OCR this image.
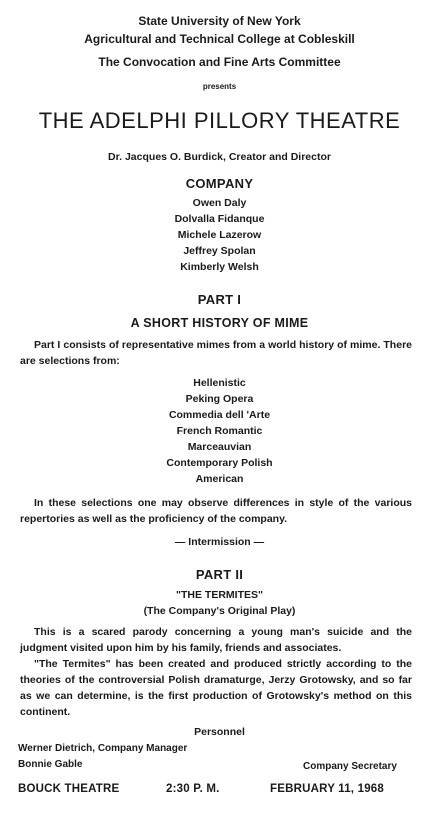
State University of New York
Agricultural and Technical College at Cobleskill
The Convocation and Fine Arts Committee
presents
THE ADELPHI PILLORY THEATRE
Dr. Jacques O. Burdick, Creator and Director
COMPANY
Owen Daly
Dolvalla Fidanque
Michele Lazerow
Jeffrey Spolan
Kimberly Welsh
PART I
A SHORT HISTORY OF MIME

Part I consists of representative mimes from a world history of mime. There are selections from:

Hellenistic
Peking Opera
Commedia dell 'Arte
French Romantic
Marceauvian
Contemporary Polish
American

In these selections one may observe differences in style of the various repertories as well as the proficiency of the company.

— Intermission —
PART II
"THE TERMITES"
(The Company's Original Play)

This is a scared parody concerning a young man's suicide and the judgment visited upon him by his family, friends and associates.

"The Termites" has been created and produced strictly according to the theories of the controversial Polish dramaturge, Jerzy Grotowsky, and so far as we can determine, is the first production of Grotowsky's method on this continent.

Personnel
Werner Dietrich, Company Manager
Bonnie Gable	Company Secretary
BOUCK THEATRE	2:30 P. M.	FEBRUARY 11, 1968
